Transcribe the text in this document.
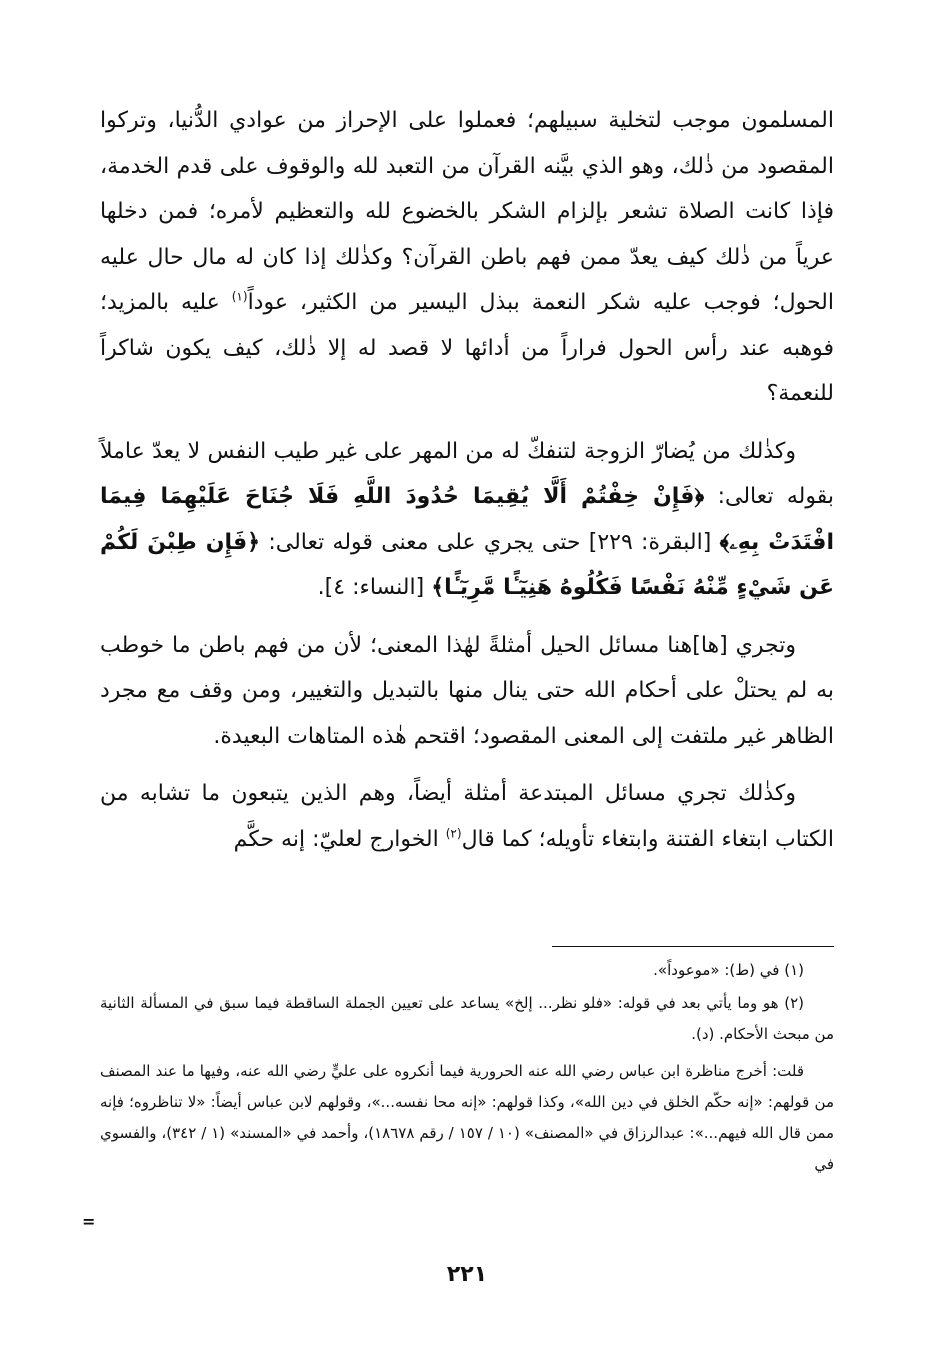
المسلمون موجب لتخلية سبيلهم؛ فعملوا على الإحراز من عوادي الدُّنيا، وتركوا المقصود من ذٰلك، وهو الذي بيَّنه القرآن من التعبد لله والوقوف على قدم الخدمة، فإذا كانت الصلاة تشعر بإلزام الشكر بالخضوع لله والتعظيم لأمره؛ فمن دخلها عرياً من ذٰلك كيف يعدّ ممن فهم باطن القرآن؟ وكذٰلك إذا كان له مال حال عليه الحول؛ فوجب عليه شكر النعمة ببذل اليسير من الكثير، عوداً$^{(١)}$ عليه بالمزيد؛ فوهبه عند رأس الحول فراراً من أدائها لا قصد له إلا ذٰلك، كيف يكون شاكراً للنعمة؟

وكذٰلك من يُضارّ الزوجة لتنفكّ له من المهر على غير طيب النفس لا يعدّ عاملاً بقوله تعالى: ﴿فَإِنْ خِفْتُمْ أَلَّا يُقِيمَا حُدُودَ اللَّهِ فَلَا جُنَاحَ عَلَيْهِمَا فِيمَا افْتَدَتْ بِهِۦ﴾ [البقرة: ٢٢٩] حتى يجري على معنى قوله تعالى: ﴿فَإِن طِبْنَ لَكُمْ عَن شَيْءٍ مِّنْهُ نَفْسًا فَكُلُوهُ هَنِيٓـًٔا مَّرِيٓـًٔا﴾ [النساء: ٤].

وتجري [ها]هنا مسائل الحيل أمثلةً لهٰذا المعنى؛ لأن من فهم باطن ما خوطب به لم يحتلْ على أحكام الله حتى ينال منها بالتبديل والتغيير، ومن وقف مع مجرد الظاهر غير ملتفت إلى المعنى المقصود؛ اقتحم هٰذه المتاهات البعيدة.

وكذٰلك تجري مسائل المبتدعة أمثلة أيضاً، وهم الذين يتبعون ما تشابه من الكتاب ابتغاء الفتنة وابتغاء تأويله؛ كما قال$^{(٢)}$ الخوارج لعليّ: إنه حكَّم

(١) في (ط): «موعوداً».

(٢) هو وما يأتي بعد في قوله: «فلو نظر... إلخ» يساعد على تعيين الجملة الساقطة فيما سبق في المسألة الثانية من مبحث الأحكام. (د).

قلت: أخرج مناظرة ابن عباس رضي الله عنه الحرورية فيما أنكروه على عليٍّ رضي الله عنه، وفيها ما عند المصنف من قولهم: «إنه حكّم الخلق في دين الله»، وكذا قولهم: «إنه محا نفسه...»، وقولهم لابن عباس أيضاً: «لا تناظروه؛ فإنه ممن قال الله فيهم...»: عبدالرزاق في «المصنف» (١٠ / ١٥٧ / رقم ١٨٦٧٨)، وأحمد في «المسند» (١ / ٣٤٢)، والفسوي في

=
٢٢١
